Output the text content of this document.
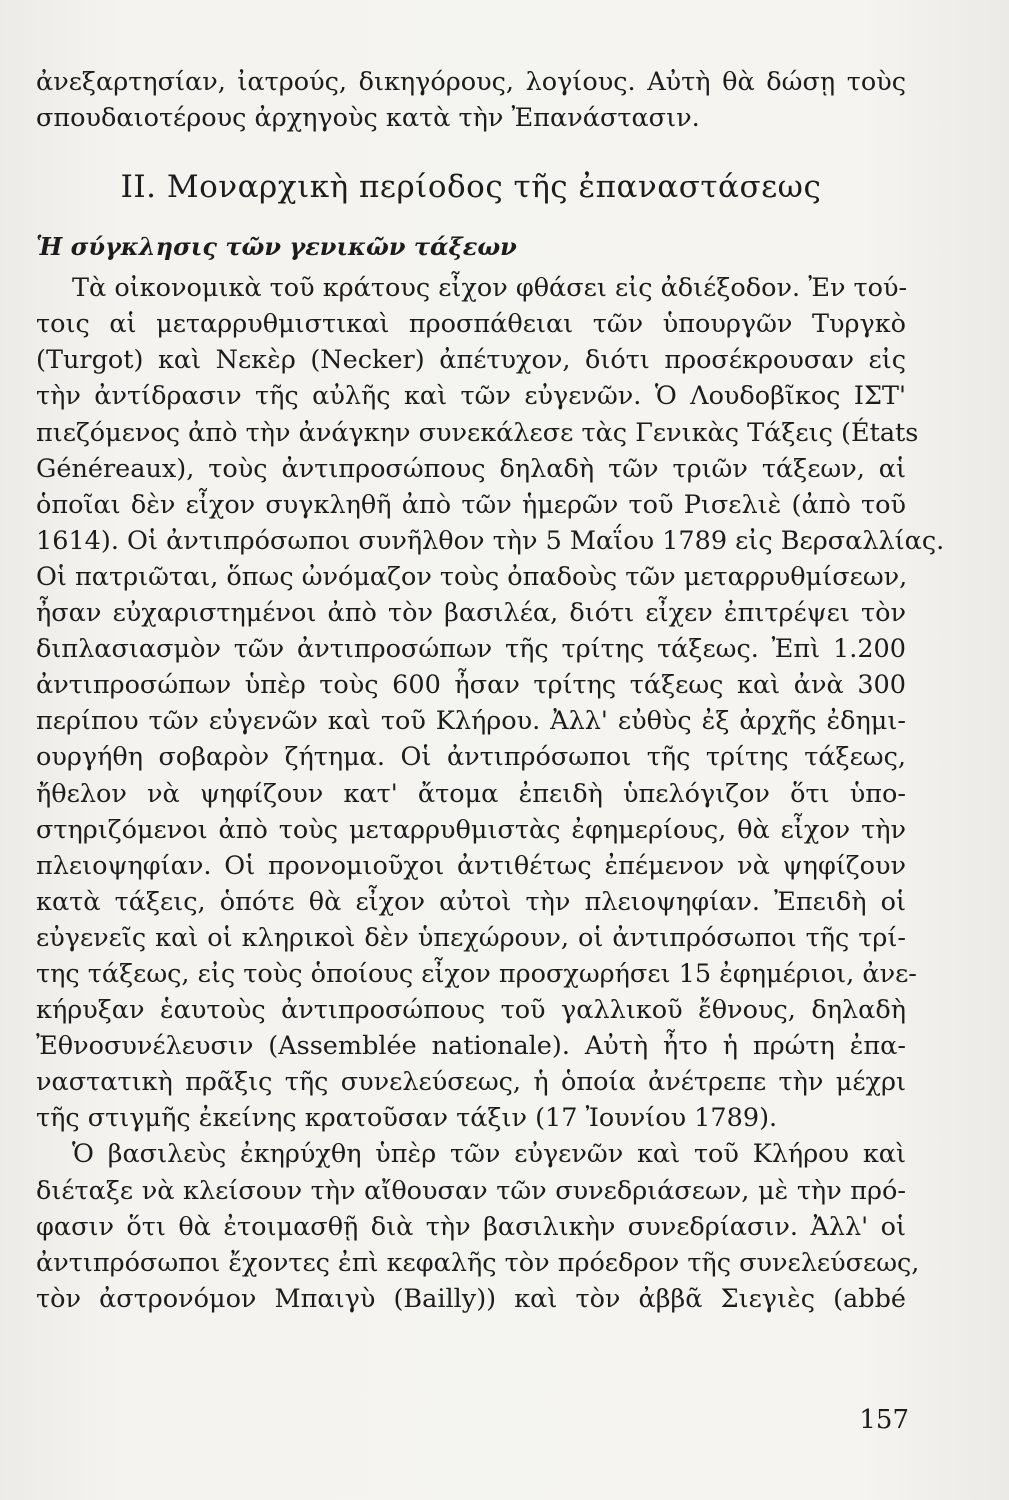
ἀνεξαρτησίαν, ἰατρούς, δικηγόρους, λογίους. Αὐτὴ θὰ δώσῃ τοὺς
σπουδαιοτέρους ἀρχηγοὺς κατὰ τὴν Ἐπανάστασιν.
II. Μοναρχικὴ περίοδος τῆς ἐπαναστάσεως
Ἡ σύγκλησις τῶν γενικῶν τάξεων
Τὰ οἰκονομικὰ τοῦ κράτους εἶχον φθάσει εἰς ἀδιέξοδον. Ἐν τού-
τοις αἱ μεταρρυθμιστικαὶ προσπάθειαι τῶν ὑπουργῶν Τυργκὸ
(Turgot) καὶ Νεκὲρ (Necker) ἀπέτυχον, διότι προσέκρουσαν εἰς
τὴν ἀντίδρασιν τῆς αὐλῆς καὶ τῶν εὐγενῶν. Ὁ Λουδοβῖκος ΙΣΤ'
πιεζόμενος ἀπὸ τὴν ἀνάγκην συνεκάλεσε τὰς Γενικὰς Τάξεις (États
Généreaux), τοὺς ἀντιπροσώπους δηλαδὴ τῶν τριῶν τάξεων, αἱ
ὁποῖαι δὲν εἶχον συγκληθῆ ἀπὸ τῶν ἡμερῶν τοῦ Ρισελιὲ (ἀπὸ τοῦ
1614). Οἱ ἀντιπρόσωποι συνῆλθον τὴν 5 Μαΐου 1789 εἰς Βερσαλλίας.
Οἱ πατριῶται, ὅπως ὠνόμαζον τοὺς ὀπαδοὺς τῶν μεταρρυθμίσεων,
ἦσαν εὐχαριστημένοι ἀπὸ τὸν βασιλέα, διότι εἶχεν ἐπιτρέψει τὸν
διπλασιασμὸν τῶν ἀντιπροσώπων τῆς τρίτης τάξεως. Ἐπὶ 1.200
ἀντιπροσώπων ὑπὲρ τοὺς 600 ἦσαν τρίτης τάξεως καὶ ἀνὰ 300
περίπου τῶν εὐγενῶν καὶ τοῦ Κλήρου. Ἀλλ' εὐθὺς ἐξ ἀρχῆς ἐδημι-
ουργήθη σοβαρὸν ζήτημα. Οἱ ἀντιπρόσωποι τῆς τρίτης τάξεως,
ἤθελον νὰ ψηφίζουν κατ' ἄτομα ἐπειδὴ ὑπελόγιζον ὅτι ὑπο-
στηριζόμενοι ἀπὸ τοὺς μεταρρυθμιστὰς ἐφημερίους, θὰ εἶχον τὴν
πλειοψηφίαν. Οἱ προνομιοῦχοι ἀντιθέτως ἐπέμενον νὰ ψηφίζουν
κατὰ τάξεις, ὁπότε θὰ εἶχον αὐτοὶ τὴν πλειοψηφίαν. Ἐπειδὴ οἱ
εὐγενεῖς καὶ οἱ κληρικοὶ δὲν ὑπεχώρουν, οἱ ἀντιπρόσωποι τῆς τρί-
της τάξεως, εἰς τοὺς ὁποίους εἶχον προσχωρήσει 15 ἐφημέριοι, ἀνε-
κήρυξαν ἑαυτοὺς ἀντιπροσώπους τοῦ γαλλικοῦ ἔθνους, δηλαδὴ
Ἐθνοσυνέλευσιν (Assemblée nationale). Αὐτὴ ἦτο ἡ πρώτη ἐπα-
ναστατικὴ πρᾶξις τῆς συνελεύσεως, ἡ ὁποία ἀνέτρεπε τὴν μέχρι
τῆς στιγμῆς ἐκείνης κρατοῦσαν τάξιν (17 Ἰουνίου 1789).
Ὁ βασιλεὺς ἐκηρύχθη ὑπὲρ τῶν εὐγενῶν καὶ τοῦ Κλήρου καὶ
διέταξε νὰ κλείσουν τὴν αἴθουσαν τῶν συνεδριάσεων, μὲ τὴν πρό-
φασιν ὅτι θὰ ἐτοιμασθῇ διὰ τὴν βασιλικὴν συνεδρίασιν. Ἀλλ' οἱ
ἀντιπρόσωποι ἔχοντες ἐπὶ κεφαλῆς τὸν πρόεδρον τῆς συνελεύσεως,
τὸν ἀστρονόμον Μπαιγὺ (Bailly)) καὶ τὸν ἀββᾶ Σιεγιὲς (abbé
157
